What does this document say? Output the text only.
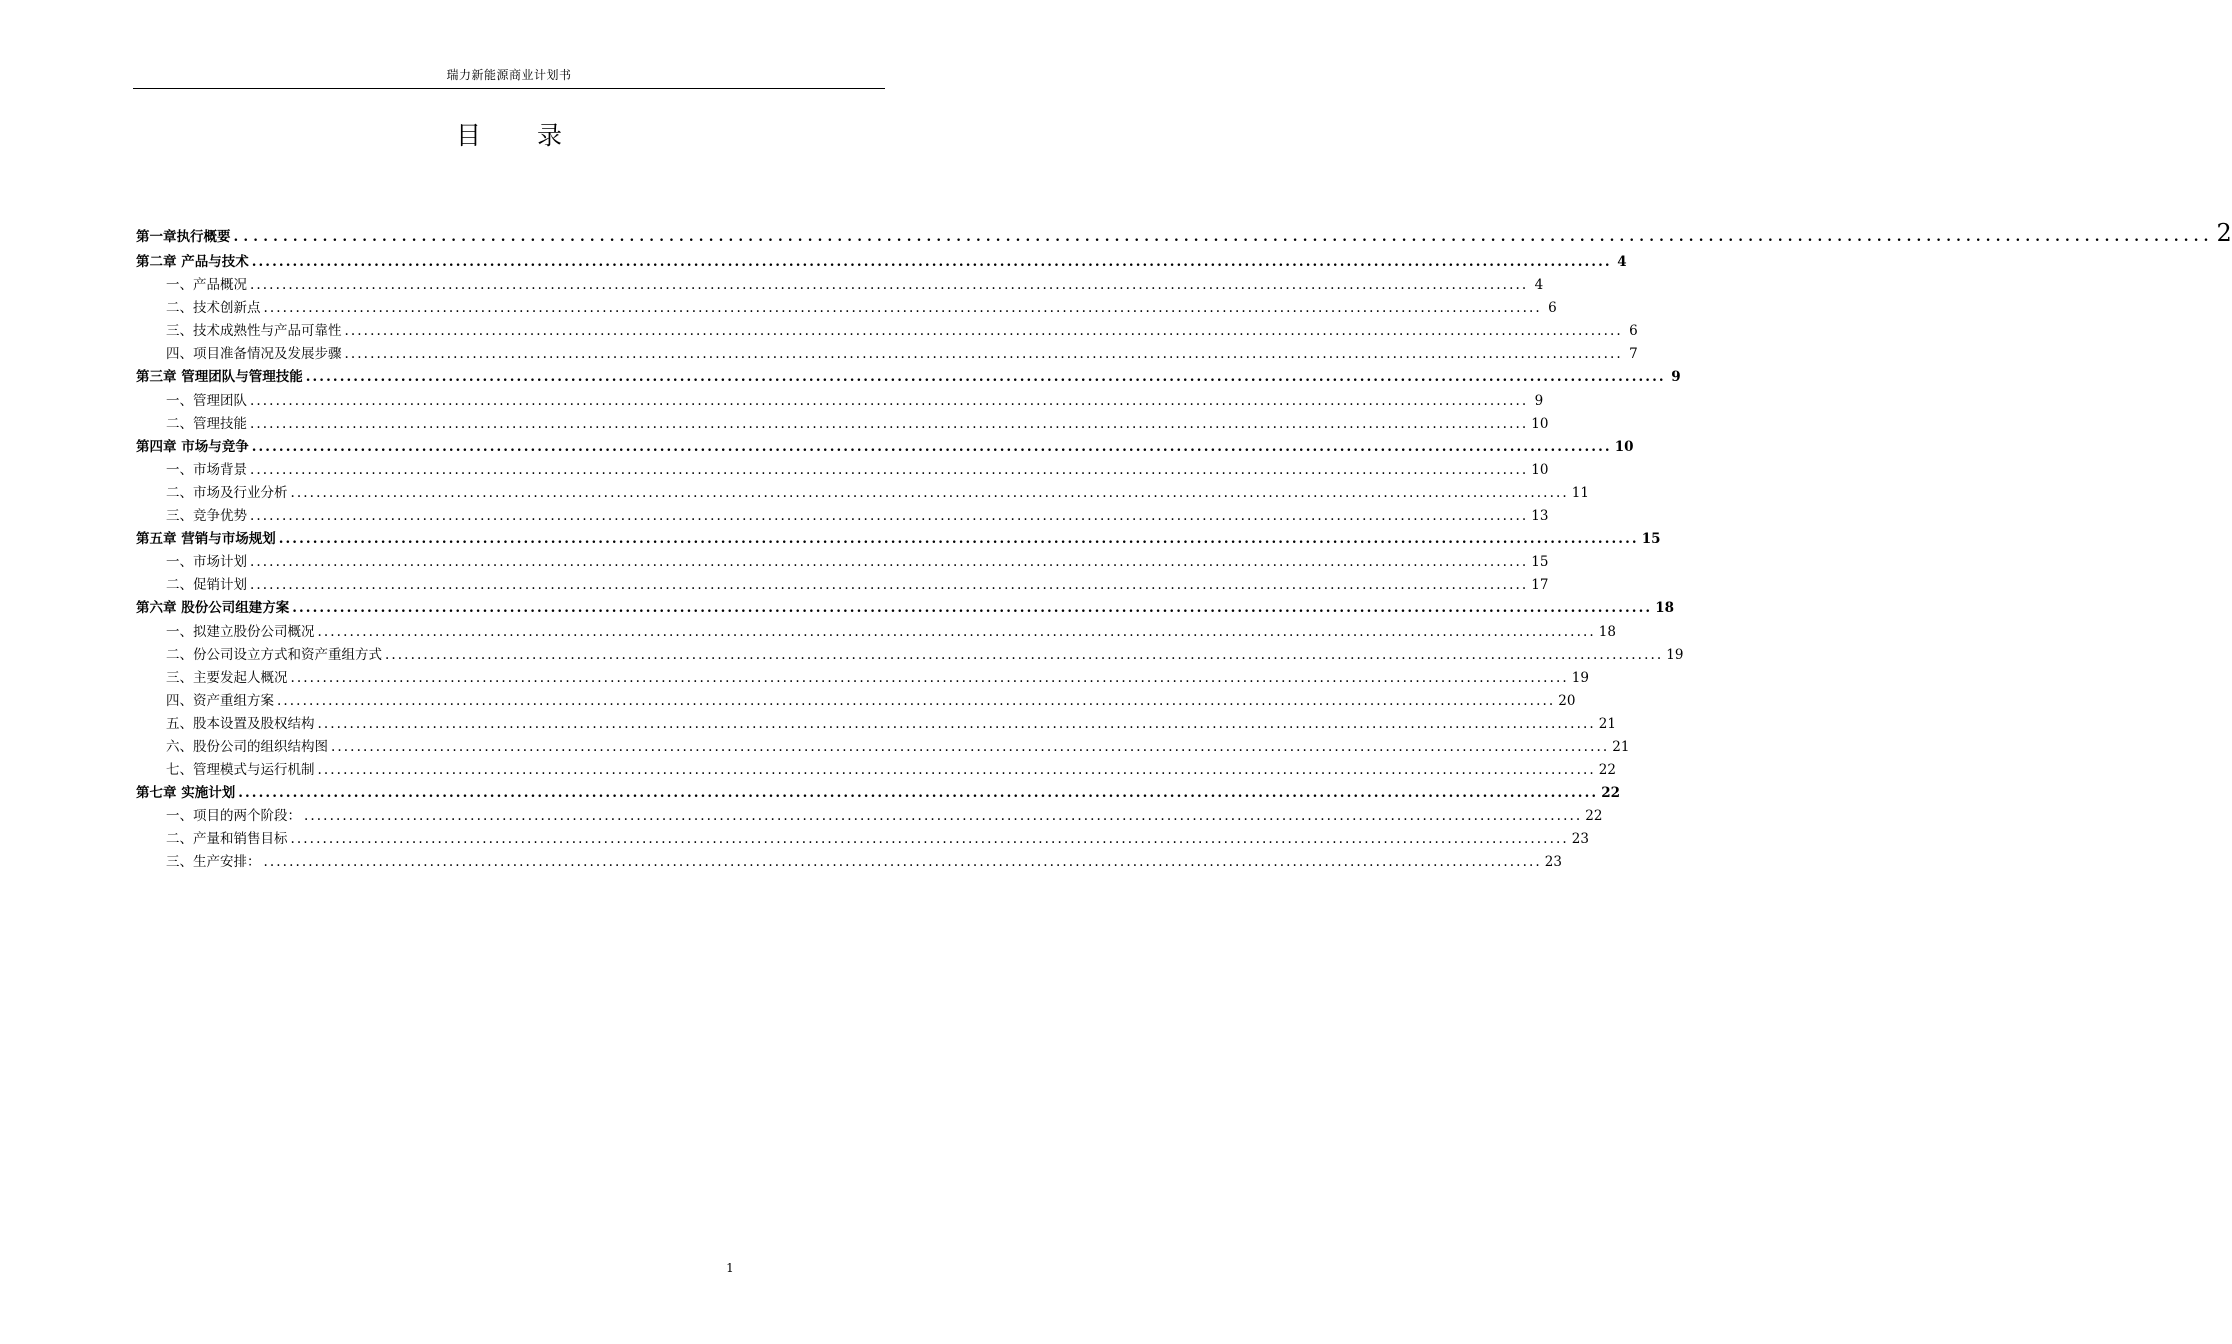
瑞力新能源商业计划书
目 录
第一章执行概要 ........................................................................................................................................................................................................ 2
第二章 产品与技术 ........................................................................................................................................................................................................ 4
一、产品概况 ........................................................................................................................................................................................................ 4
二、技术创新点 ........................................................................................................................................................................................................ 6
三、技术成熟性与产品可靠性 ........................................................................................................................................................................................................ 6
四、项目准备情况及发展步骤 ........................................................................................................................................................................................................ 7
第三章 管理团队与管理技能 ........................................................................................................................................................................................................ 9
一、管理团队 ........................................................................................................................................................................................................ 9
二、管理技能 ........................................................................................................................................................................................................ 10
第四章 市场与竞争 ........................................................................................................................................................................................................ 10
一、市场背景 ........................................................................................................................................................................................................ 10
二、市场及行业分析 ........................................................................................................................................................................................................ 11
三、竞争优势 ........................................................................................................................................................................................................ 13
第五章 营销与市场规划 ........................................................................................................................................................................................................ 15
一、市场计划 ........................................................................................................................................................................................................ 15
二、促销计划 ........................................................................................................................................................................................................ 17
第六章 股份公司组建方案 ........................................................................................................................................................................................................ 18
一、拟建立股份公司概况 ........................................................................................................................................................................................................ 18
二、份公司设立方式和资产重组方式 ........................................................................................................................................................................................................ 19
三、主要发起人概况 ........................................................................................................................................................................................................ 19
四、资产重组方案 ........................................................................................................................................................................................................ 20
五、股本设置及股权结构 ........................................................................................................................................................................................................ 21
六、股份公司的组织结构图 ........................................................................................................................................................................................................ 21
七、管理模式与运行机制 ........................................................................................................................................................................................................ 22
第七章 实施计划 ........................................................................................................................................................................................................ 22
一、项目的两个阶段： ........................................................................................................................................................................................................ 22
二、产量和销售目标 ........................................................................................................................................................................................................ 23
三、生产安排： ........................................................................................................................................................................................................ 23
1
